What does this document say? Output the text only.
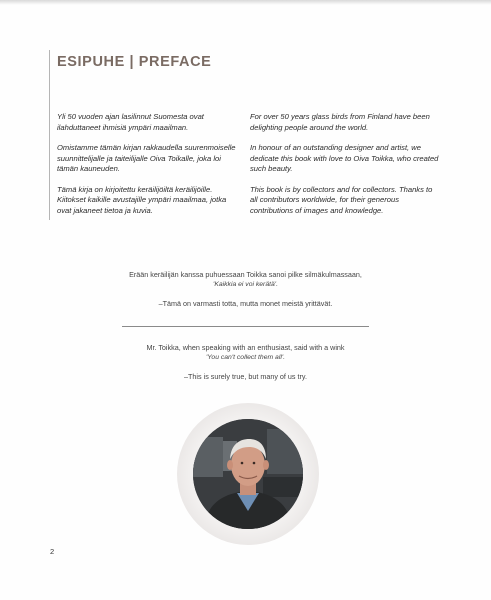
ESIPUHE | PREFACE

Yli 50 vuoden ajan lasilinnut Suomesta ovat ilahduttaneet ihmisiä ympäri maailman.

Omistamme tämän kirjan rakkaudella suurenmoiselle suunnittelijalle ja taiteilijalle Oiva Toikalle, joka loi tämän kauneuden.

Tämä kirja on kirjoitettu keräilijöiltä keräilijöille. Kiitokset kaikille avustajille ympäri maailmaa, jotka ovat jakaneet tietoa ja kuvia.

For over 50 years glass birds from Finland have been delighting people around the world.

In honour of an outstanding designer and artist, we dedicate this book with love to Oiva Toikka, who created such beauty.

This book is by collectors and for collectors. Thanks to all contributors worldwide, for their generous contributions of images and knowledge.

Erään keräilijän kanssa puhuessaan Toikka sanoi pilke silmäkulmassaan,
'Kaikkia ei voi kerätä'.
–Tämä on varmasti totta, mutta monet meistä yrittävät.
Mr. Toikka, when speaking with an enthusiast, said with a wink
'You can't collect them all'.
–This is surely true, but many of us try.
2
